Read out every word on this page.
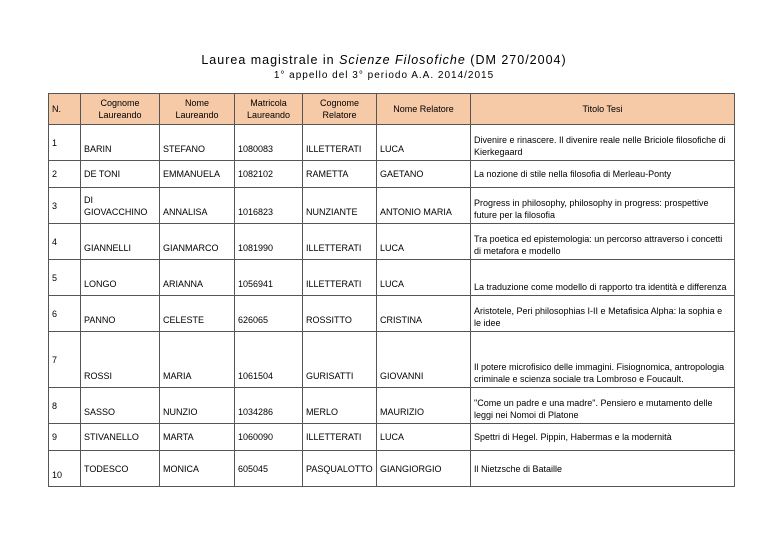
Laurea magistrale in Scienze Filosofiche (DM 270/2004)
1° appello del 3° periodo A.A. 2014/2015
N.	Cognome Laureando	Nome Laureando	Matricola Laureando	Cognome Relatore	Nome Relatore	Titolo Tesi
1	BARIN	STEFANO	1080083	ILLETTERATI	LUCA	Divenire e rinascere. Il divenire reale nelle Briciole filosofiche di Kierkegaard
2	DE TONI	EMMANUELA	1082102	RAMETTA	GAETANO	La nozione di stile nella filosofia di Merleau-Ponty
3	DI GIOVACCHINO	ANNALISA	1016823	NUNZIANTE	ANTONIO MARIA	Progress in philosophy, philosophy in progress: prospettive future per la filosofia
4	GIANNELLI	GIANMARCO	1081990	ILLETTERATI	LUCA	Tra poetica ed epistemologia: un percorso attraverso i concetti di metafora e modello
5	LONGO	ARIANNA	1056941	ILLETTERATI	LUCA	La traduzione come modello di rapporto tra identità e differenza
6	PANNO	CELESTE	626065	ROSSITTO	CRISTINA	Aristotele, Peri philosophias I-II e Metafisica Alpha: la sophia e le idee
7	ROSSI	MARIA	1061504	GURISATTI	GIOVANNI	Il potere microfisico delle immagini. Fisiognomica, antropologia criminale e scienza sociale tra Lombroso e Foucault.
8	SASSO	NUNZIO	1034286	MERLO	MAURIZIO	"Come un padre e una madre". Pensiero e mutamento delle leggi nei Nomoi di Platone
9	STIVANELLO	MARTA	1060090	ILLETTERATI	LUCA	Spettri di Hegel. Pippin, Habermas e la modernità
10	TODESCO	MONICA	605045	PASQUALOTTO	GIANGIORGIO	Il Nietzsche di Bataille
